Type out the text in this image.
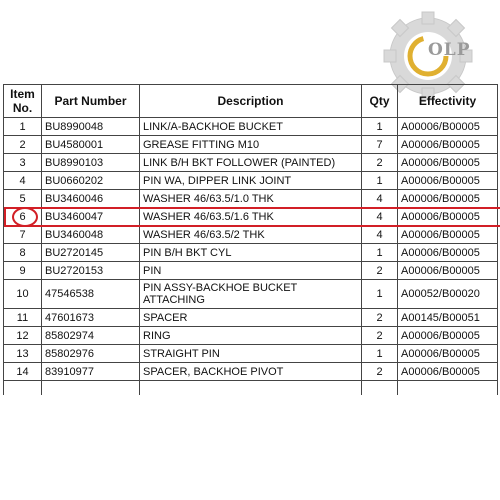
OLP
Item No.	Part Number	Description	Qty	Effectivity
1	BU8990048	LINK/A-BACKHOE BUCKET	1	A00006/B00005
2	BU4580001	GREASE FITTING M10	7	A00006/B00005
3	BU8990103	LINK B/H BKT FOLLOWER (PAINTED)	2	A00006/B00005
4	BU0660202	PIN WA, DIPPER LINK JOINT	1	A00006/B00005
5	BU3460046	WASHER 46/63.5/1.0 THK	4	A00006/B00005
6	BU3460047	WASHER 46/63.5/1.6 THK	4	A00006/B00005
7	BU3460048	WASHER 46/63.5/2 THK	4	A00006/B00005
8	BU2720145	PIN B/H BKT CYL	1	A00006/B00005
9	BU2720153	PIN	2	A00006/B00005
10	47546538	PIN ASSY-BACKHOE BUCKET ATTACHING	1	A00052/B00020
11	47601673	SPACER	2	A00145/B00051
12	85802974	RING	2	A00006/B00005
13	85802976	STRAIGHT PIN	1	A00006/B00005
14	83910977	SPACER, BACKHOE PIVOT	2	A00006/B00005
